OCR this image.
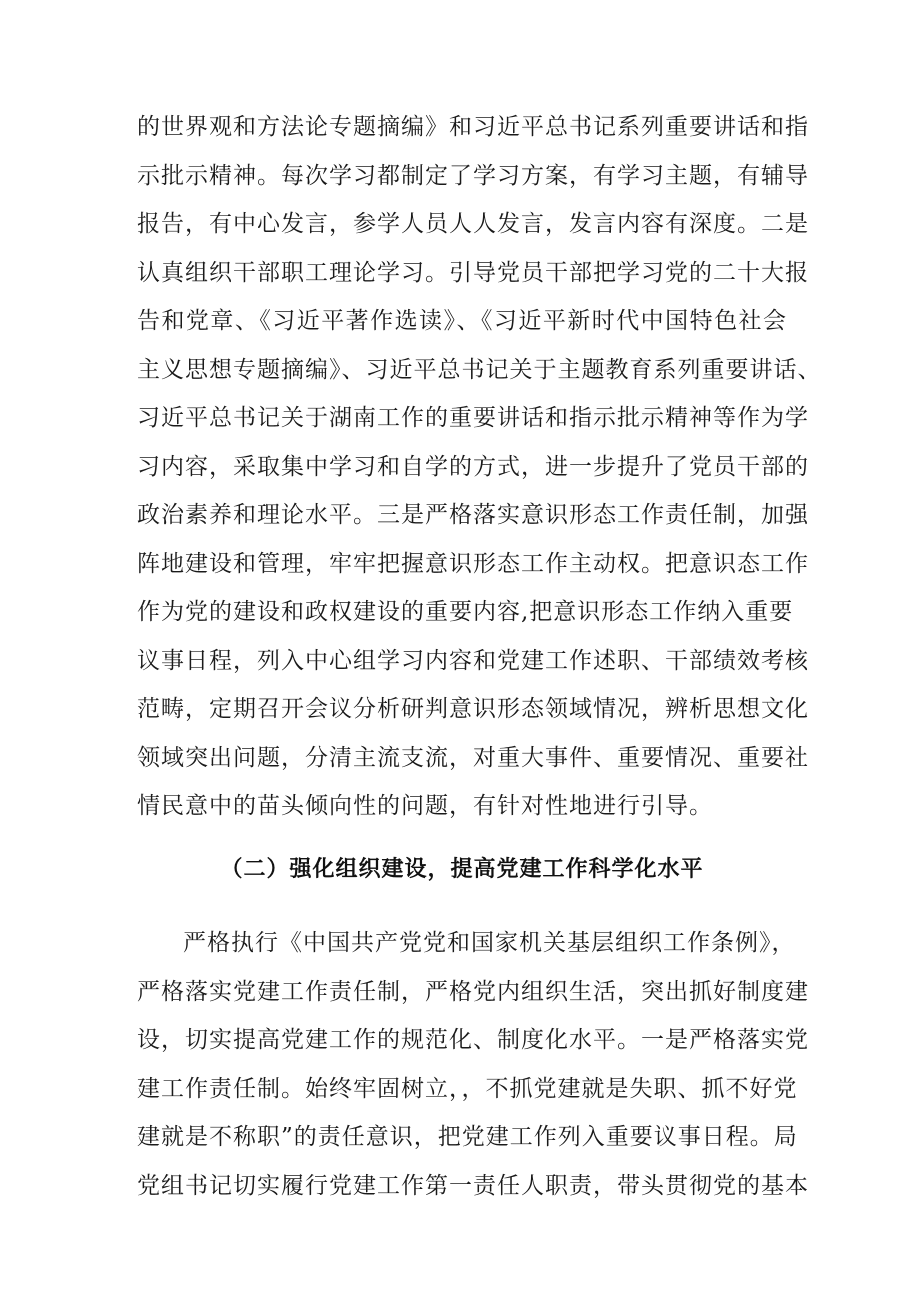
的世界观和方法论专题摘编》和习近平总书记系列重要讲话和指
示批示精神。每次学习都制定了学习方案，有学习主题，有辅导
报告，有中心发言，参学人员人人发言，发言内容有深度。二是
认真组织干部职工理论学习。引导党员干部把学习党的二十大报
告和党章、《习近平著作选读》、《习近平新时代中国特色社会
主义思想专题摘编》、习近平总书记关于主题教育系列重要讲话、
习近平总书记关于湖南工作的重要讲话和指示批示精神等作为学
习内容，采取集中学习和自学的方式，进一步提升了党员干部的
政治素养和理论水平。三是严格落实意识形态工作责任制，加强
阵地建设和管理，牢牢把握意识形态工作主动权。把意识态工作
作为党的建设和政权建设的重要内容,把意识形态工作纳入重要
议事日程，列入中心组学习内容和党建工作述职、干部绩效考核
范畴，定期召开会议分析研判意识形态领域情况，辨析思想文化
领域突出问题，分清主流支流，对重大事件、重要情况、重要社
情民意中的苗头倾向性的问题，有针对性地进行引导。
（二）强化组织建设，提高党建工作科学化水平
严格执行《中国共产党党和国家机关基层组织工作条例》，
严格落实党建工作责任制，严格党内组织生活，突出抓好制度建
设，切实提高党建工作的规范化、制度化水平。一是严格落实党
建工作责任制。始终牢固树立，，不抓党建就是失职、抓不好党
建就是不称职”的责任意识，把党建工作列入重要议事日程。局
党组书记切实履行党建工作第一责任人职责，带头贯彻党的基本
